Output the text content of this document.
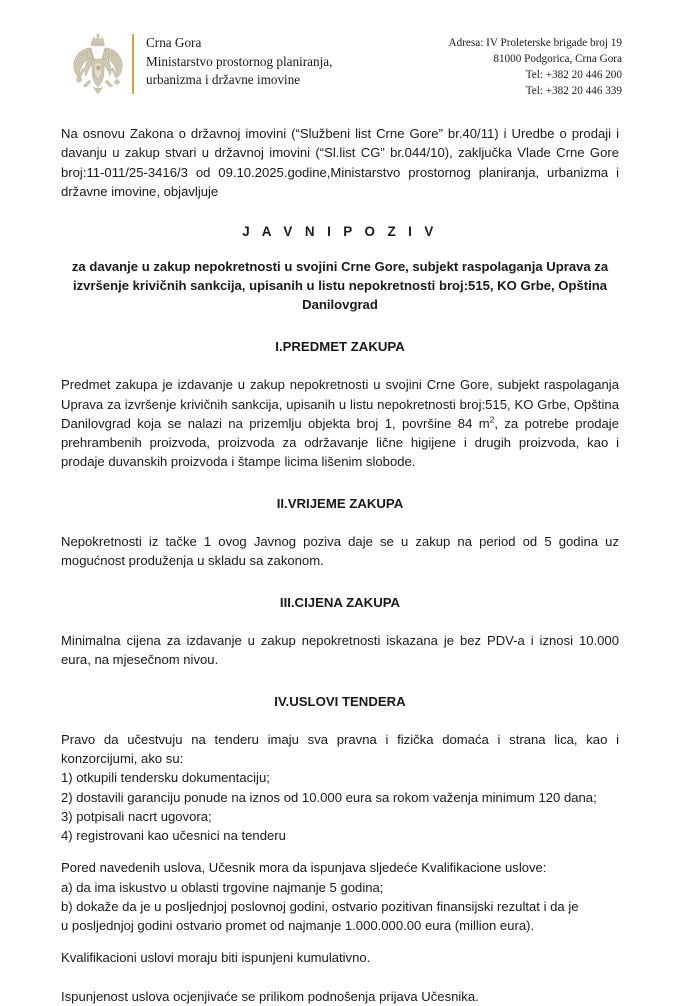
Crna Gora
Ministarstvo prostornog planiranja,
urbanizma i državne imovine
Adresa: IV Proleterske brigade broj 19
81000 Podgorica, Crna Gora
Tel: +382 20 446 200
Tel: +382 20 446 339

Na osnovu Zakona o državnoj imovini (“Službeni list Crne Gore” br.40/11) i Uredbe o prodaji i davanju u zakup stvari u državnoj imovini (“Sl.list CG” br.044/10), zaključka Vlade Crne Gore broj:11-011/25-3416/3 od 09.10.2025.godine,Ministarstvo prostornog planiranja, urbanizma i državne imovine, objavljuje

J A V N I P O Z I V

za davanje u zakup nepokretnosti u svojini Crne Gore, subjekt raspolaganja Uprava za izvršenje krivičnih sankcija, upisanih u listu nepokretnosti broj:515, KO Grbe, Opština Danilovgrad

I.PREDMET ZAKUPA

Predmet zakupa je izdavanje u zakup nepokretnosti u svojini Crne Gore, subjekt raspolaganja Uprava za izvršenje krivičnih sankcija, upisanih u listu nepokretnosti broj:515, KO Grbe, Opština Danilovgrad koja se nalazi na prizemlju objekta broj 1, površine 84 $m^2$, za potrebe prodaje prehrambenih proizvoda, proizvoda za održavanje lične higijene i drugih proizvoda, kao i prodaje duvanskih proizvoda i štampe licima lišenim slobode.

II.VRIJEME ZAKUPA

Nepokretnosti iz tačke 1 ovog Javnog poziva daje se u zakup na period od 5 godina uz mogućnost produženja u skladu sa zakonom.

III.CIJENA ZAKUPA

Minimalna cijena za izdavanje u zakup nepokretnosti iskazana je bez PDV-a i iznosi 10.000 eura, na mjesečnom nivou.

IV.USLOVI TENDERA

Pravo da učestvuju na tenderu imaju sva pravna i fizička domaća i strana lica, kao i konzorcijumi, ako su:

1) otkupili tendersku dokumentaciju;
2) dostavili garanciju ponude na iznos od 10.000 eura sa rokom važenja minimum 120 dana;
3) potpisali nacrt ugovora;
4) registrovani kao učesnici na tenderu

Pored navedenih uslova, Učesnik mora da ispunjava sljedeće Kvalifikacione uslove:

a) da ima iskustvo u oblasti trgovine najmanje 5 godina;
b) dokaže da je u posljednjoj poslovnoj godini, ostvario pozitivan finansijski rezultat i da je
u posljednjoj godini ostvario promet od najmanje 1.000.000.00 eura (million eura).

Kvalifikacioni uslovi moraju biti ispunjeni kumulativno.

Ispunjenost uslova ocjenjivaće se prilikom podnošenja prijava Učesnika.
